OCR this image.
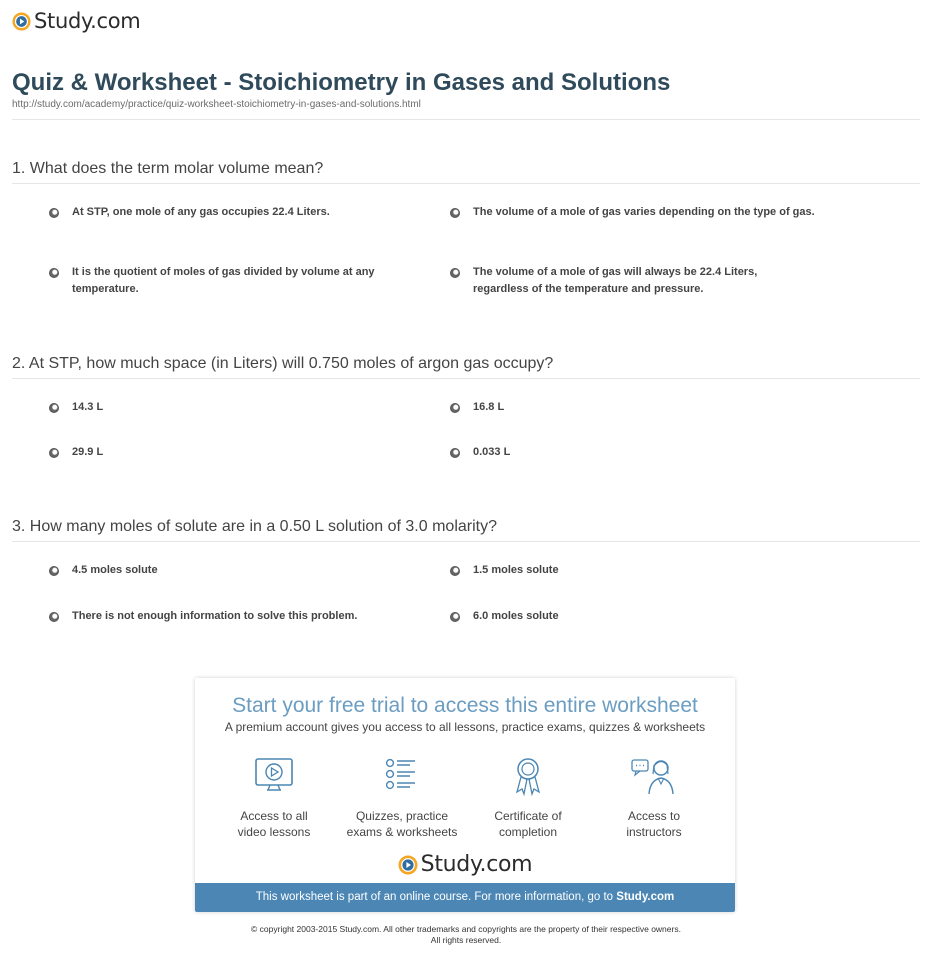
Study.com
Quiz & Worksheet - Stoichiometry in Gases and Solutions
http://study.com/academy/practice/quiz-worksheet-stoichiometry-in-gases-and-solutions.html
1. What does the term molar volume mean?
At STP, one mole of any gas occupies 22.4 Liters.	The volume of a mole of gas varies depending on the type of gas.
It is the quotient of moles of gas divided by volume at any temperature.
The volume of a mole of gas will always be 22.4 Liters, regardless of the temperature and pressure.
2. At STP, how much space (in Liters) will 0.750 moles of argon gas occupy?
14.3 L	16.8 L
29.9 L	0.033 L
3. How many moles of solute are in a 0.50 L solution of 3.0 molarity?
4.5 moles solute	1.5 moles solute
There is not enough information to solve this problem.	6.0 moles solute
Start your free trial to access this entire worksheet
A premium account gives you access to all lessons, practice exams, quizzes & worksheets
Access to all
video lessons
Quizzes, practice
exams & worksheets
Certificate of
completion
Access to
instructors
Study.com
This worksheet is part of an online course. For more information, go to Study.com
© copyright 2003-2015 Study.com. All other trademarks and copyrights are the property of their respective owners.
All rights reserved.
